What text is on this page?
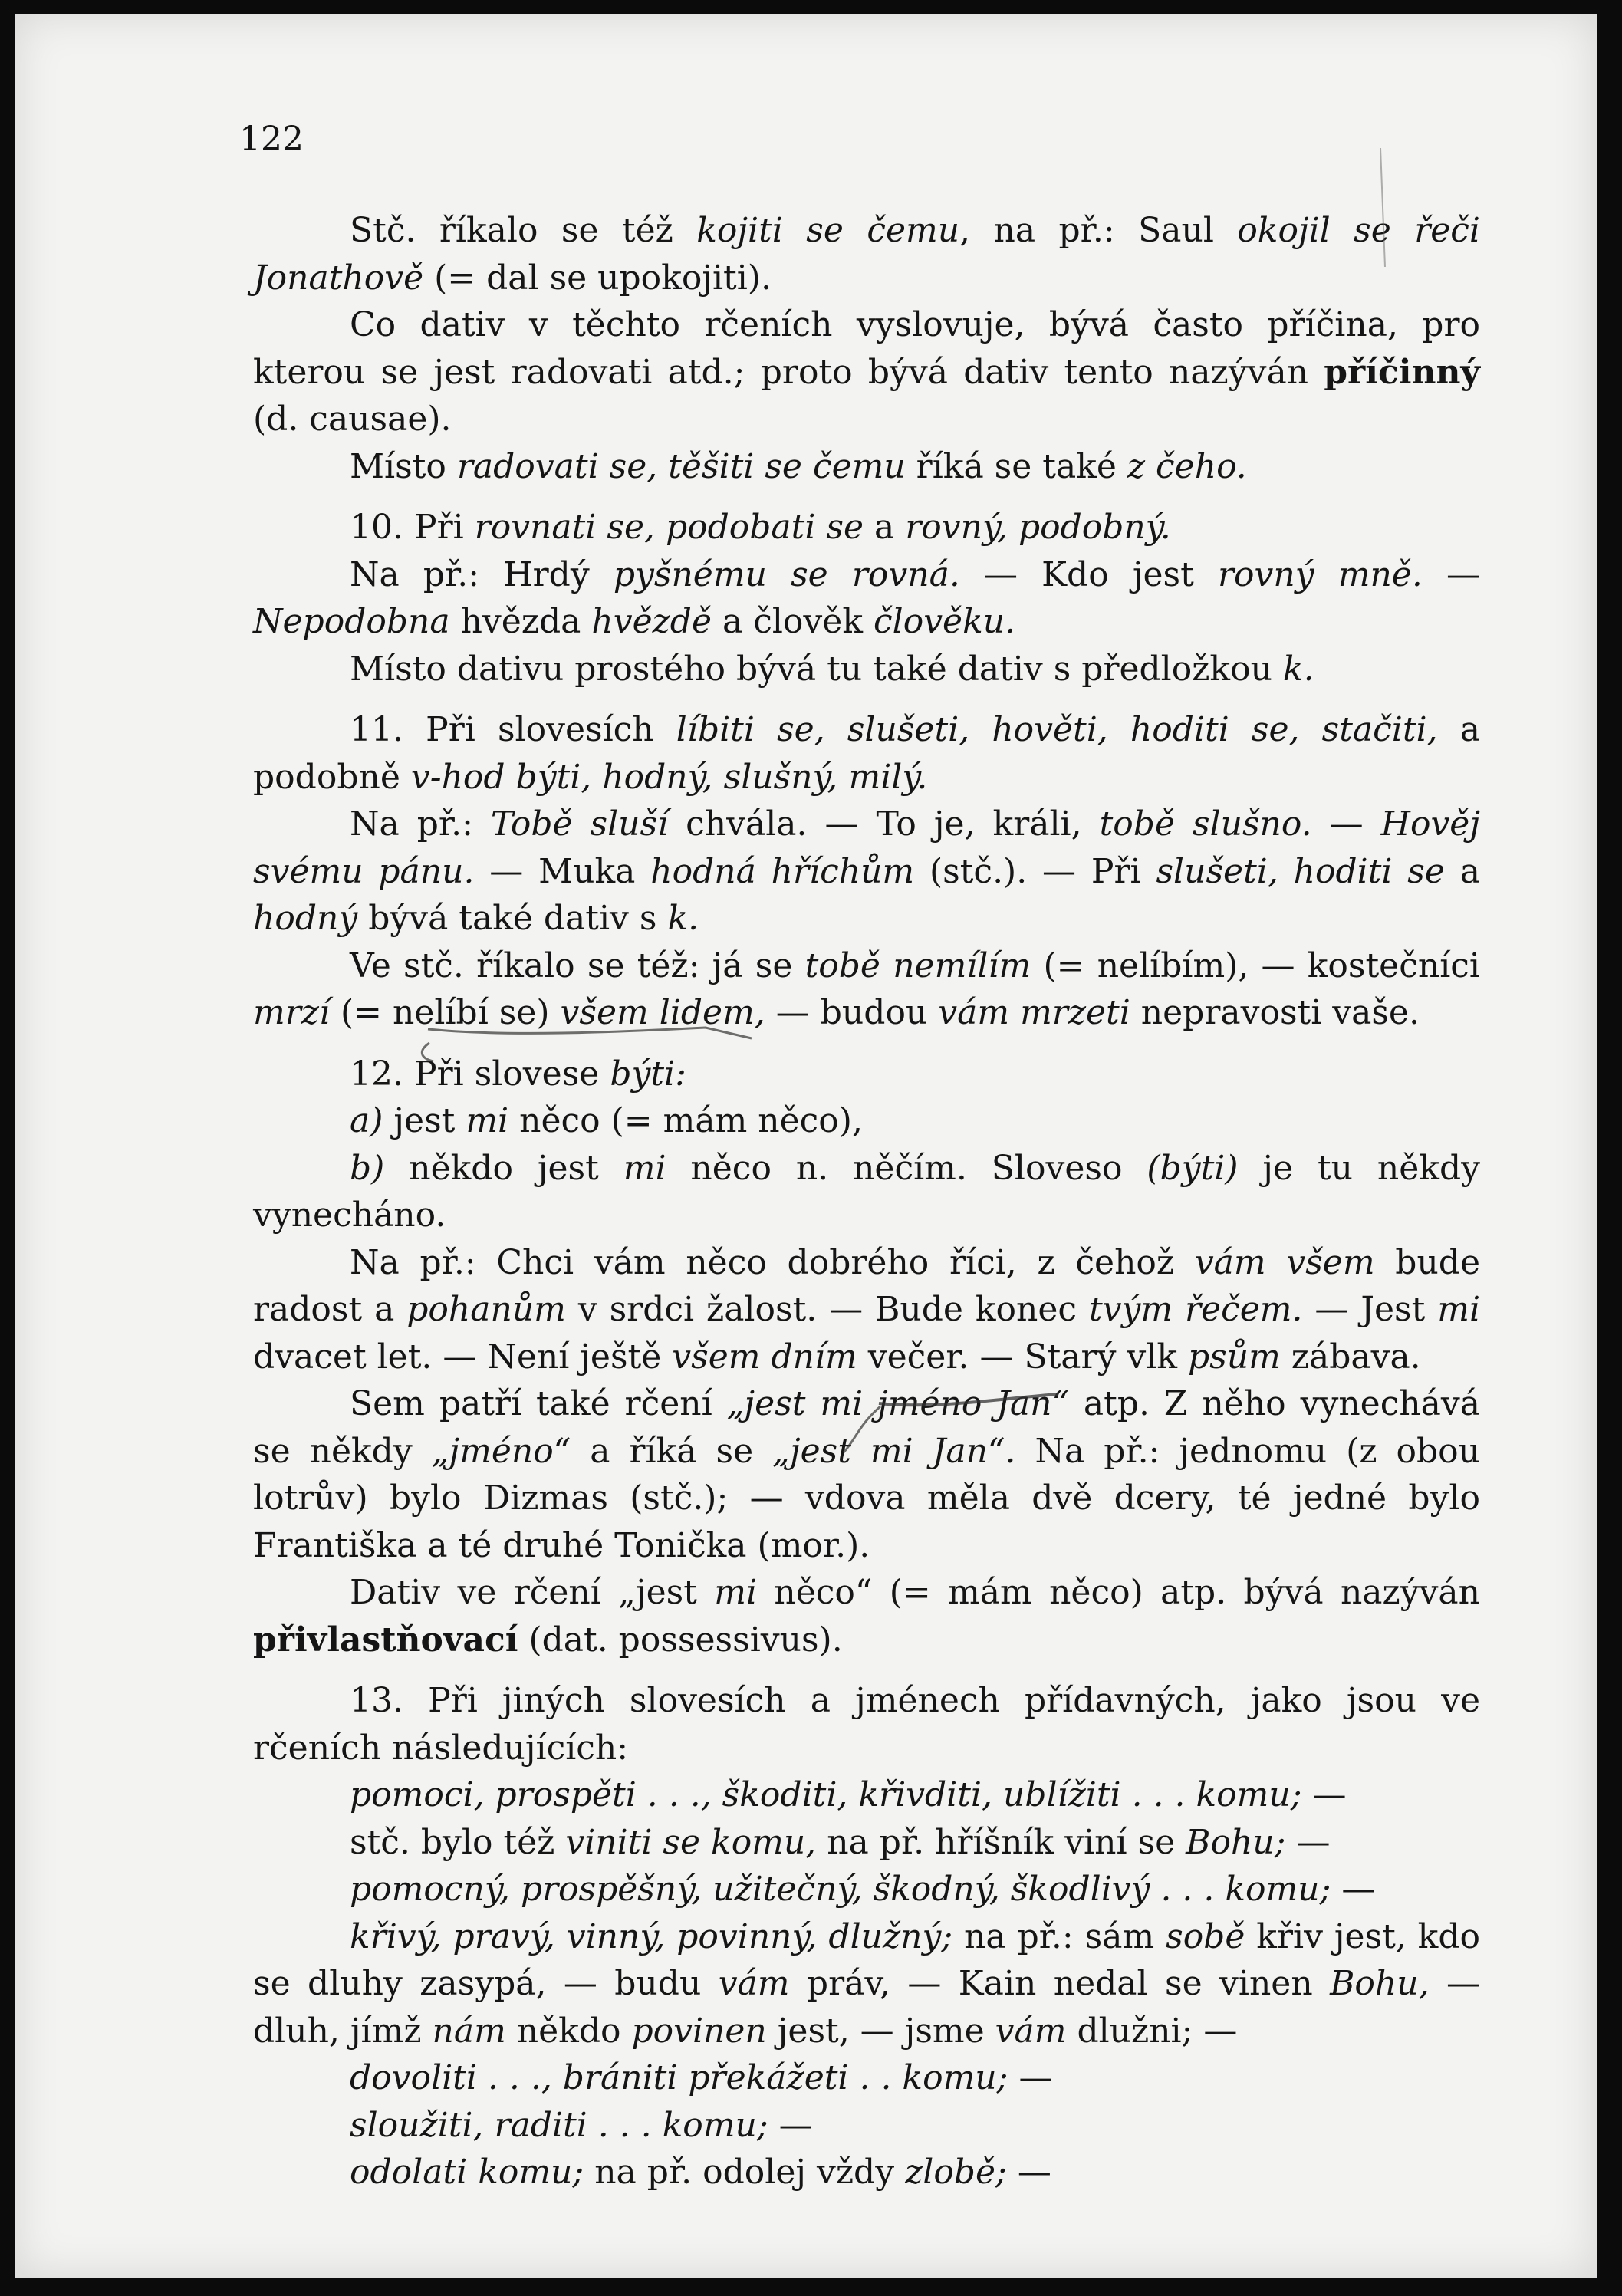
122

Stč. říkalo se též kojiti se čemu, na př.: Saul okojil se řeči Jonathově (= dal se upokojiti).

Co dativ v těchto rčeních vyslovuje, bývá často příčina, pro kterou se jest radovati atd.; proto bývá dativ tento nazýván příčinný (d. causae).

Místo radovati se, těšiti se čemu říká se také z čeho.

10. Při rovnati se, podobati se a rovný, podobný.

Na př.: Hrdý pyšnému se rovná. — Kdo jest rovný mně. — Nepodobna hvězda hvězdě a člověk člověku.

Místo dativu prostého bývá tu také dativ s předložkou k.

11. Při slovesích líbiti se, slušeti, hověti, hoditi se, stačiti, a podobně v-hod býti, hodný, slušný, milý.

Na př.: Tobě sluší chvála. — To je, králi, tobě slušno. — Hověj svému pánu. — Muka hodná hříchům (stč.). — Při slušeti, hoditi se a hodný bývá také dativ s k.

Ve stč. říkalo se též: já se tobě nemílím (= nelíbím), — kostečníci mrzí (= nelíbí se) všem lidem, — budou vám mrzeti nepravosti vaše.

12. Při slovese býti:

a) jest mi něco (= mám něco),

b) někdo jest mi něco n. něčím. Sloveso (býti) je tu někdy vynecháno.

Na př.: Chci vám něco dobrého říci, z čehož vám všem bude radost a pohanům v srdci žalost. — Bude konec tvým řečem. — Jest mi dvacet let. — Není ještě všem dním večer. — Starý vlk psům zábava.

Sem patří také rčení „jest mi jméno Jan“ atp. Z něho vynechává se někdy „jméno“ a říká se „jest mi Jan“. Na př.: jednomu (z obou lotrův) bylo Dizmas (stč.); — vdova měla dvě dcery, té jedné bylo Františka a té druhé Tonička (mor.).

Dativ ve rčení „jest mi něco“ (= mám něco) atp. bývá nazýván přivlastňovací (dat. possessivus).

13. Při jiných slovesích a jménech přídavných, jako jsou ve rčeních následujících:

pomoci, prospěti . . ., škoditi, křivditi, ublížiti . . . komu; —

stč. bylo též viniti se komu, na př. hříšník viní se Bohu; —

pomocný, prospěšný, užitečný, škodný, škodlivý . . . komu; —

křivý, pravý, vinný, povinný, dlužný; na př.: sám sobě křiv jest, kdo se dluhy zasypá, — budu vám práv, — Kain nedal se vinen Bohu, — dluh, jímž nám někdo povinen jest, — jsme vám dlužni; —

dovoliti . . ., brániti překážeti . . komu; —

sloužiti, raditi . . . komu; —

odolati komu; na př. odolej vždy zlobě; —
